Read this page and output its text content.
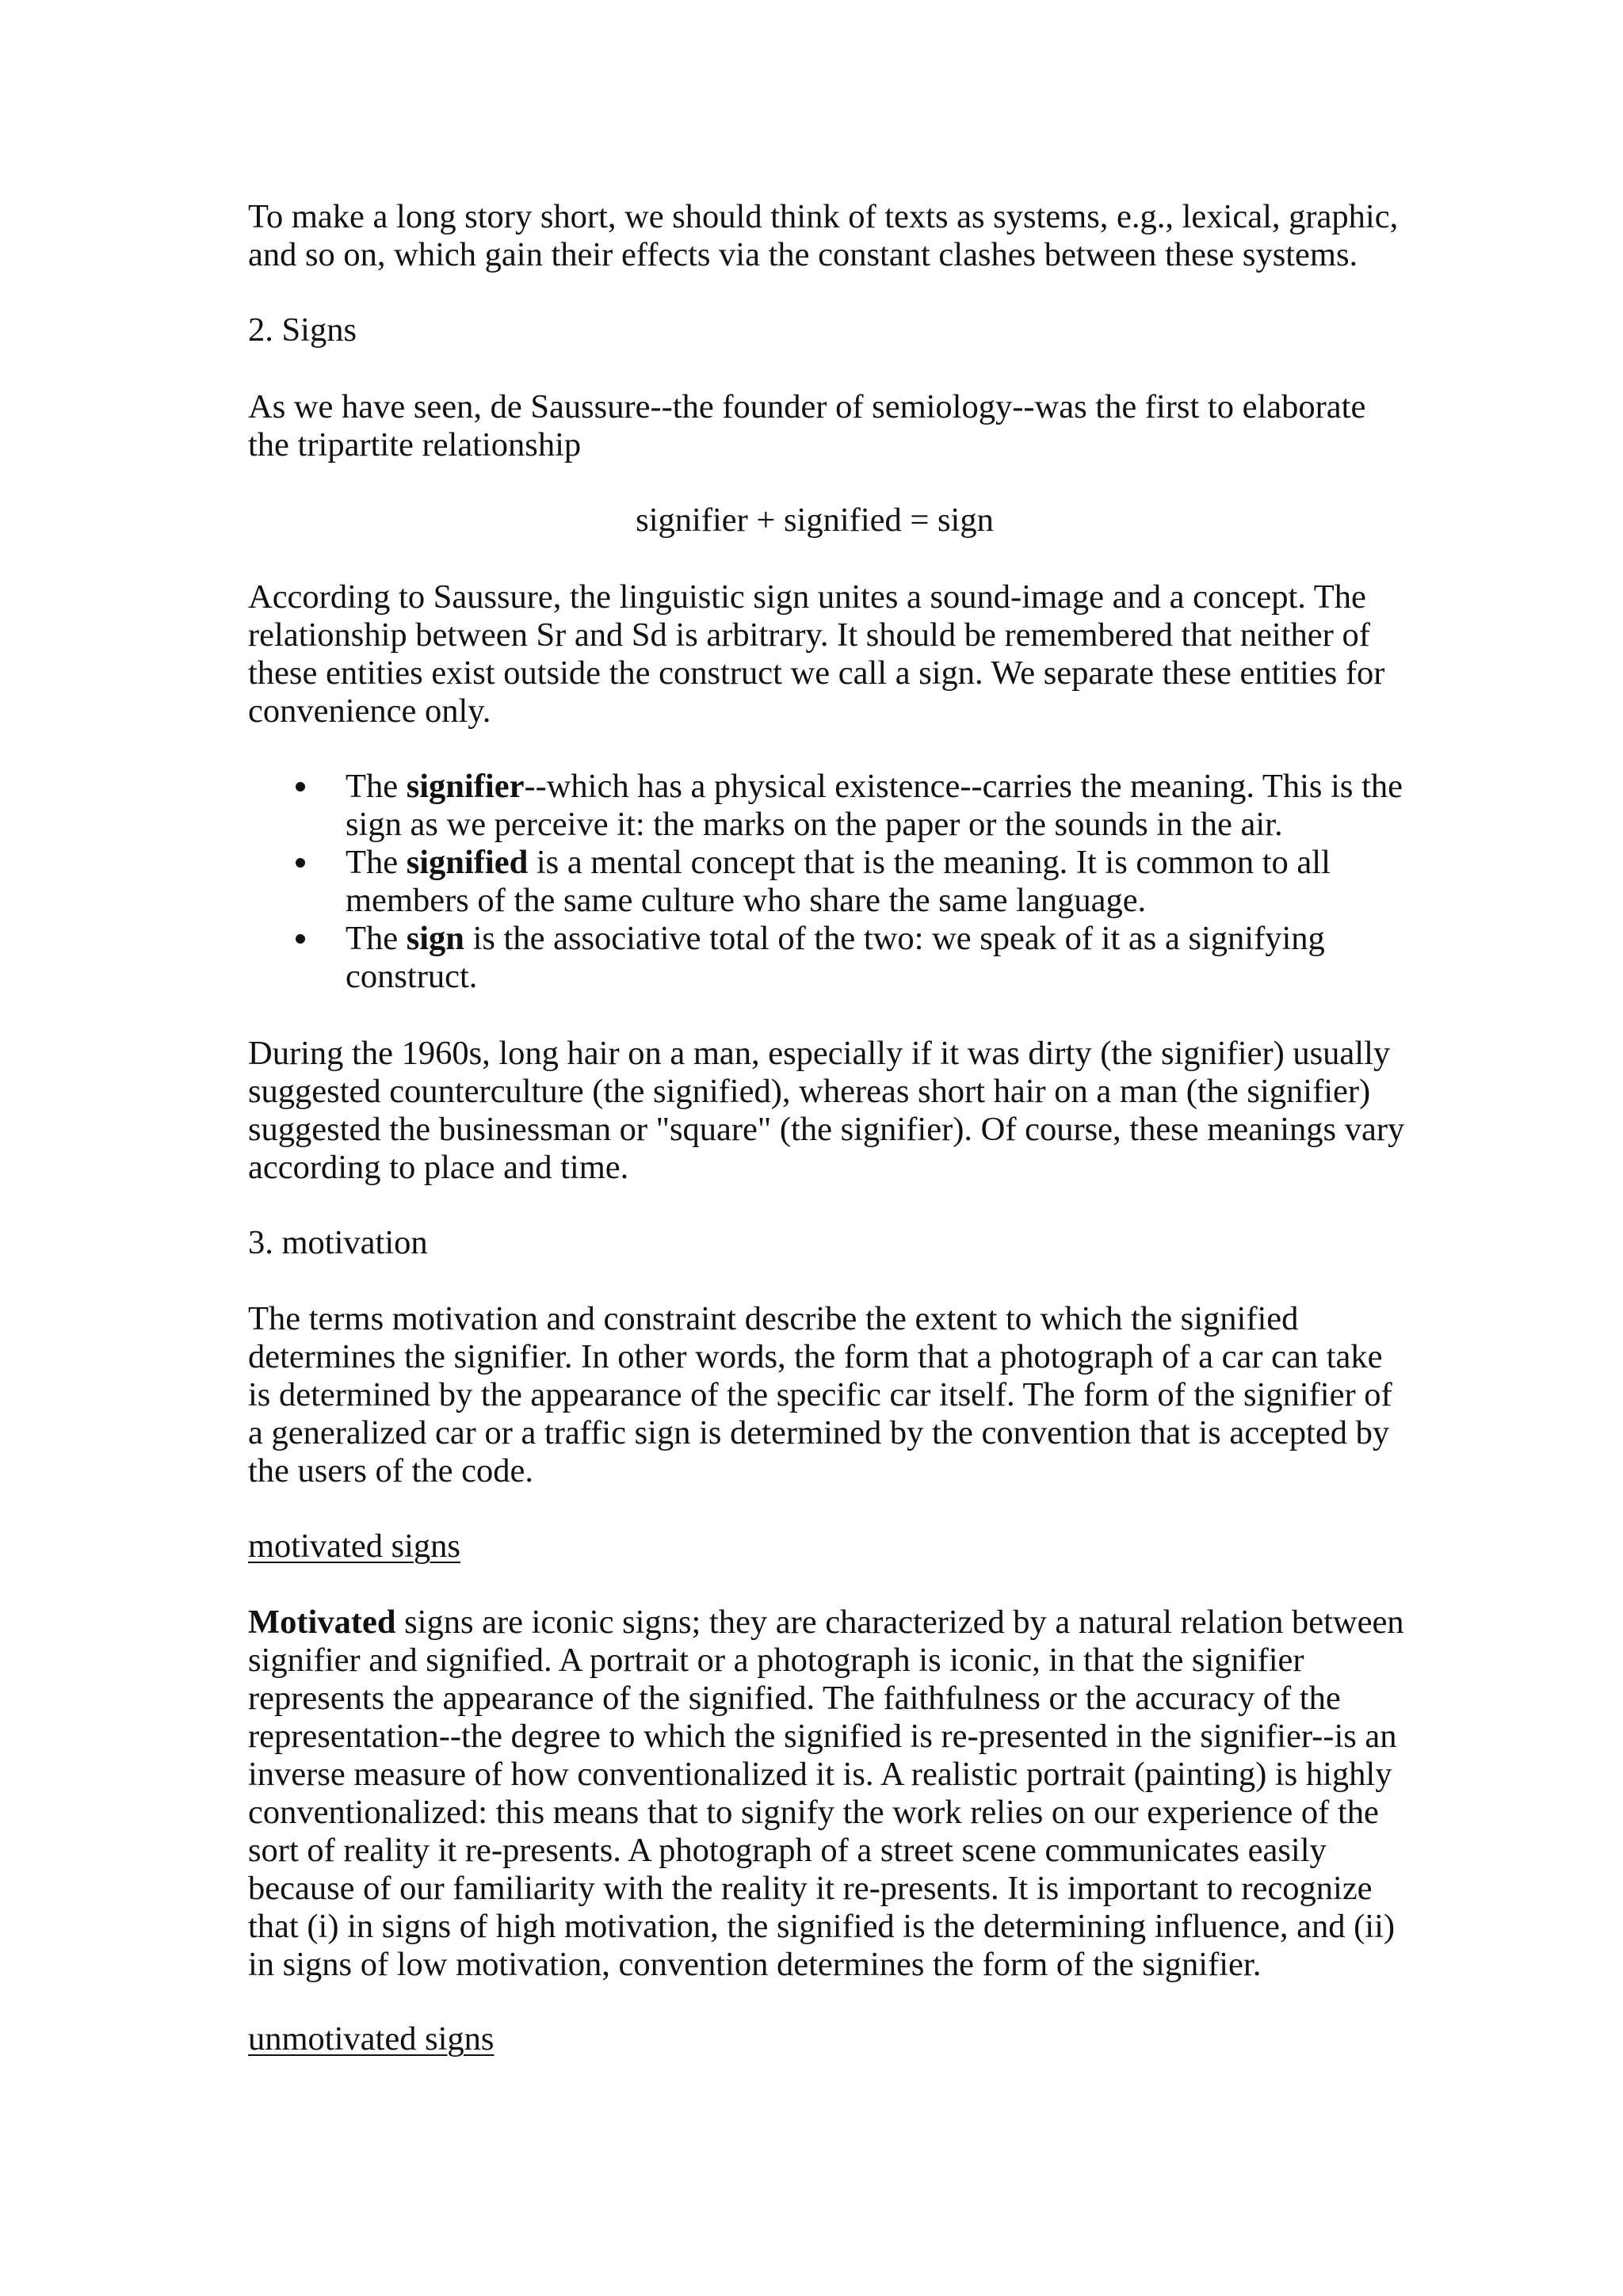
To make a long story short, we should think of texts as systems, e.g., lexical, graphic,
and so on, which gain their effects via the constant clashes between these systems.

2. Signs

As we have seen, de Saussure--the founder of semiology--was the first to elaborate
the tripartite relationship

signifier + signified = sign

According to Saussure, the linguistic sign unites a sound-image and a concept. The
relationship between Sr and Sd is arbitrary. It should be remembered that neither of
these entities exist outside the construct we call a sign. We separate these entities for
convenience only.

The signifier--which has a physical existence--carries the meaning. This is the
sign as we perceive it: the marks on the paper or the sounds in the air.
The signified is a mental concept that is the meaning. It is common to all
members of the same culture who share the same language.
The sign is the associative total of the two: we speak of it as a signifying
construct.

During the 1960s, long hair on a man, especially if it was dirty (the signifier) usually
suggested counterculture (the signified), whereas short hair on a man (the signifier)
suggested the businessman or "square" (the signifier). Of course, these meanings vary
according to place and time.

3. motivation

The terms motivation and constraint describe the extent to which the signified
determines the signifier. In other words, the form that a photograph of a car can take
is determined by the appearance of the specific car itself. The form of the signifier of
a generalized car or a traffic sign is determined by the convention that is accepted by
the users of the code.

motivated signs

Motivated signs are iconic signs; they are characterized by a natural relation between
signifier and signified. A portrait or a photograph is iconic, in that the signifier
represents the appearance of the signified. The faithfulness or the accuracy of the
representation--the degree to which the signified is re-presented in the signifier--is an
inverse measure of how conventionalized it is. A realistic portrait (painting) is highly
conventionalized: this means that to signify the work relies on our experience of the
sort of reality it re-presents. A photograph of a street scene communicates easily
because of our familiarity with the reality it re-presents. It is important to recognize
that (i) in signs of high motivation, the signified is the determining influence, and (ii)
in signs of low motivation, convention determines the form of the signifier.

unmotivated signs
